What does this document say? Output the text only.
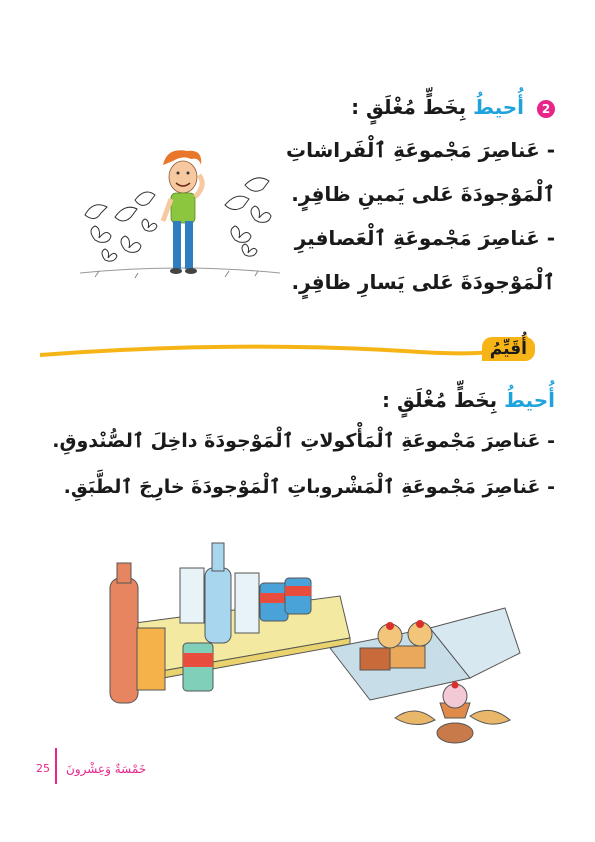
2 أُحيطُ بِخَطٍّ مُغْلَقٍ :
- عَناصِرَ مَجْموعَةِ ٱلْفَراشاتِ
ٱلْمَوْجودَةَ عَلى يَمينِ ظافِرٍ.
- عَناصِرَ مَجْموعَةِ ٱلْعَصافيرِ
ٱلْمَوْجودَةَ عَلى يَسارِ ظافِرٍ.
أُقَيِّمُ
أُحيطُ بِخَطٍّ مُغْلَقٍ :
- عَناصِرَ مَجْموعَةِ ٱلْمَأْكولاتِ ٱلْمَوْجودَةَ داخِلَ ٱلصُّنْدوقِ.
- عَناصِرَ مَجْموعَةِ ٱلْمَشْروباتِ ٱلْمَوْجودَةَ خارِجَ ٱلطَّبَقِ.
25 خَمْسَةٌ وَعِشْرونَ
